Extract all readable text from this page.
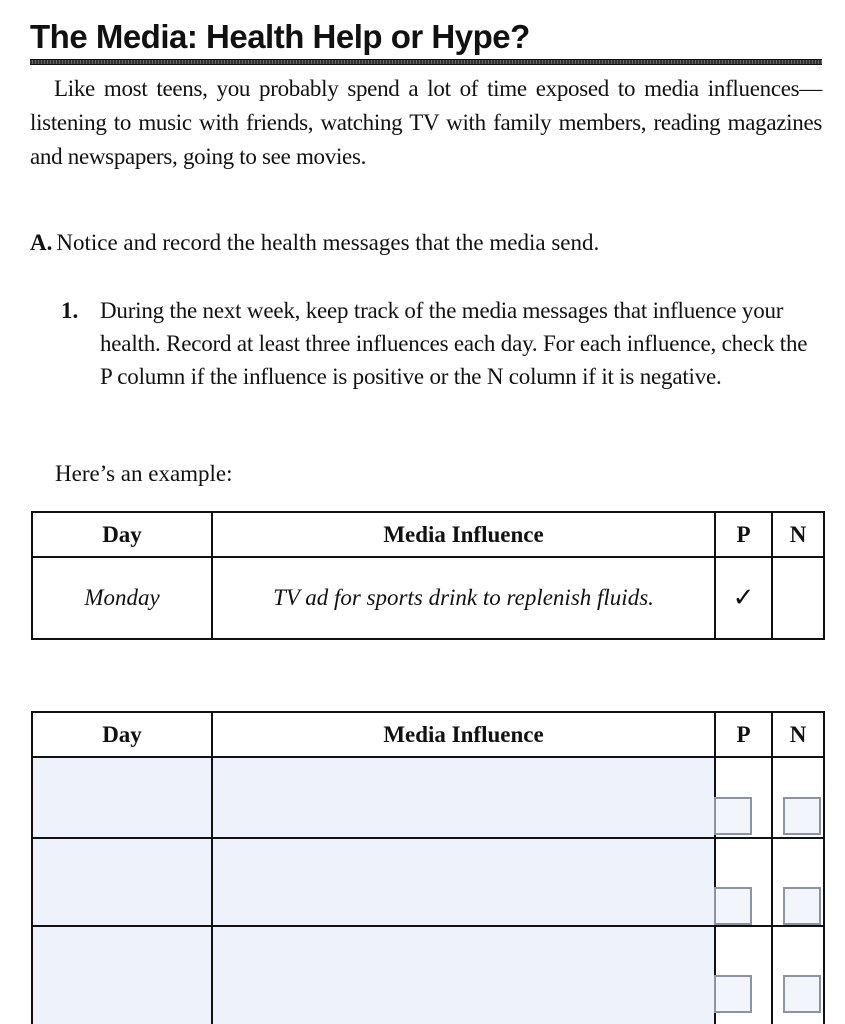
The Media: Health Help or Hype?

Like most teens, you probably spend a lot of time exposed to media influences—listening to music with friends, watching TV with family members, reading magazines and newspapers, going to see movies.

A. Notice and record the health messages that the media send.
1. During the next week, keep track of the media messages that influence your health. Record at least three influences each day. For each influence, check the P column if the influence is positive or the N column if it is negative.
Here’s an example:
Day	Media Influence	P	N
Monday	TV ad for sports drink to replenish fluids.	✓	
Day	Media Influence	P	N
